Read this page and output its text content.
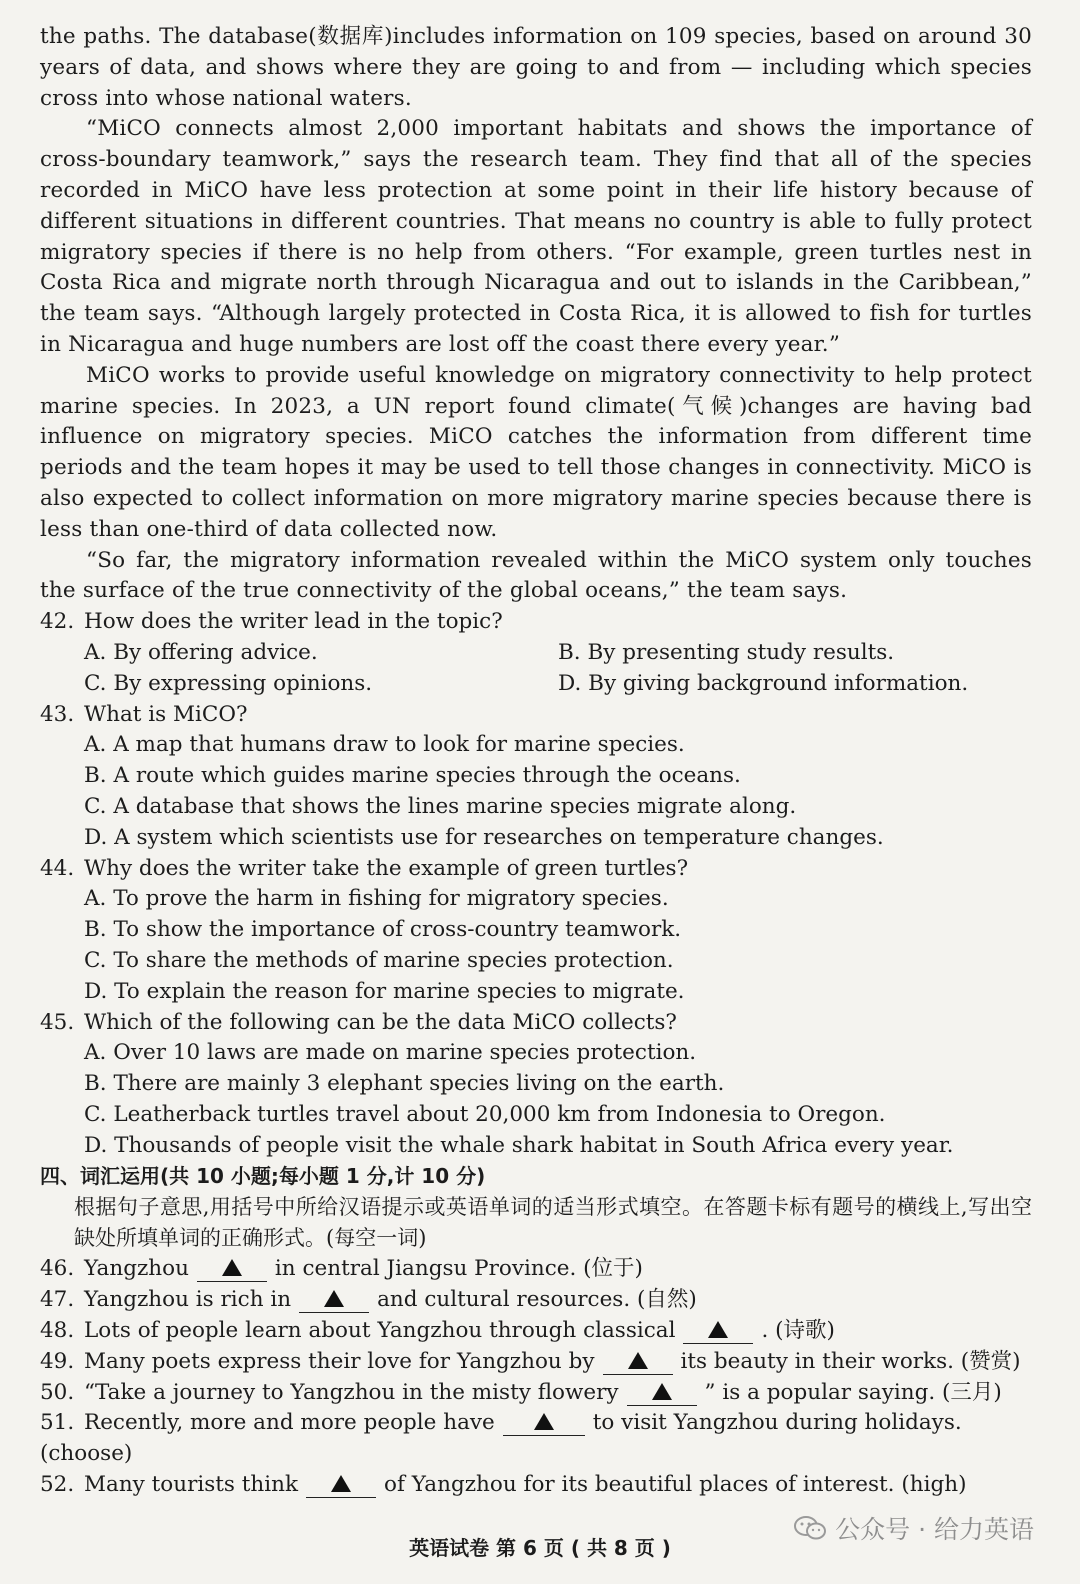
the paths. The database(数据库)includes information on 109 species, based on around 30 years of data, and shows where they are going to and from — including which species cross into whose national waters.

“MiCO connects almost 2,000 important habitats and shows the importance of cross-boundary teamwork,” says the research team. They find that all of the species recorded in MiCO have less protection at some point in their life history because of different situations in different countries. That means no country is able to fully protect migratory species if there is no help from others. “For example, green turtles nest in Costa Rica and migrate north through Nicaragua and out to islands in the Caribbean,” the team says. “Although largely protected in Costa Rica, it is allowed to fish for turtles in Nicaragua and huge numbers are lost off the coast there every year.”

MiCO works to provide useful knowledge on migratory connectivity to help protect marine species. In 2023, a UN report found climate(气候)changes are having bad influence on migratory species. MiCO catches the information from different time periods and the team hopes it may be used to tell those changes in connectivity. MiCO is also expected to collect information on more migratory marine species because there is less than one-third of data collected now.

“So far, the migratory information revealed within the MiCO system only touches the surface of the true connectivity of the global oceans,” the team says.

42. How does the writer lead in the topic?

A. By offering advice.	B. By presenting study results.
C. By expressing opinions.	D. By giving background information.

43. What is MiCO?

A. A map that humans draw to look for marine species.

B. A route which guides marine species through the oceans.

C. A database that shows the lines marine species migrate along.

D. A system which scientists use for researches on temperature changes.

44. Why does the writer take the example of green turtles?

A. To prove the harm in fishing for migratory species.

B. To show the importance of cross-country teamwork.

C. To share the methods of marine species protection.

D. To explain the reason for marine species to migrate.

45. Which of the following can be the data MiCO collects?

A. Over 10 laws are made on marine species protection.

B. There are mainly 3 elephant species living on the earth.

C. Leatherback turtles travel about 20,000 km from Indonesia to Oregon.

D. Thousands of people visit the whale shark habitat in South Africa every year.

四、词汇运用(共 10 小题;每小题 1 分,计 10 分)

根据句子意思,用括号中所给汉语提示或英语单词的适当形式填空。在答题卡标有题号的横线上,写出空缺处所填单词的正确形式。(每空一词)

46. Yangzhou	in central Jiangsu Province. (位于)

47. Yangzhou is rich in	and cultural resources. (自然)

48. Lots of people learn about Yangzhou through classical	. (诗歌)

49. Many poets express their love for Yangzhou by	its beauty in their works. (赞赏)

50. “Take a journey to Yangzhou in the misty flowery	” is a popular saying. (三月)

51. Recently, more and more people have	to visit Yangzhou during holidays. (choose)

52. Many tourists think	of Yangzhou for its beautiful places of interest. (high)

公众号 · 给力英语
英语试卷 第 6 页 ( 共 8 页 )
